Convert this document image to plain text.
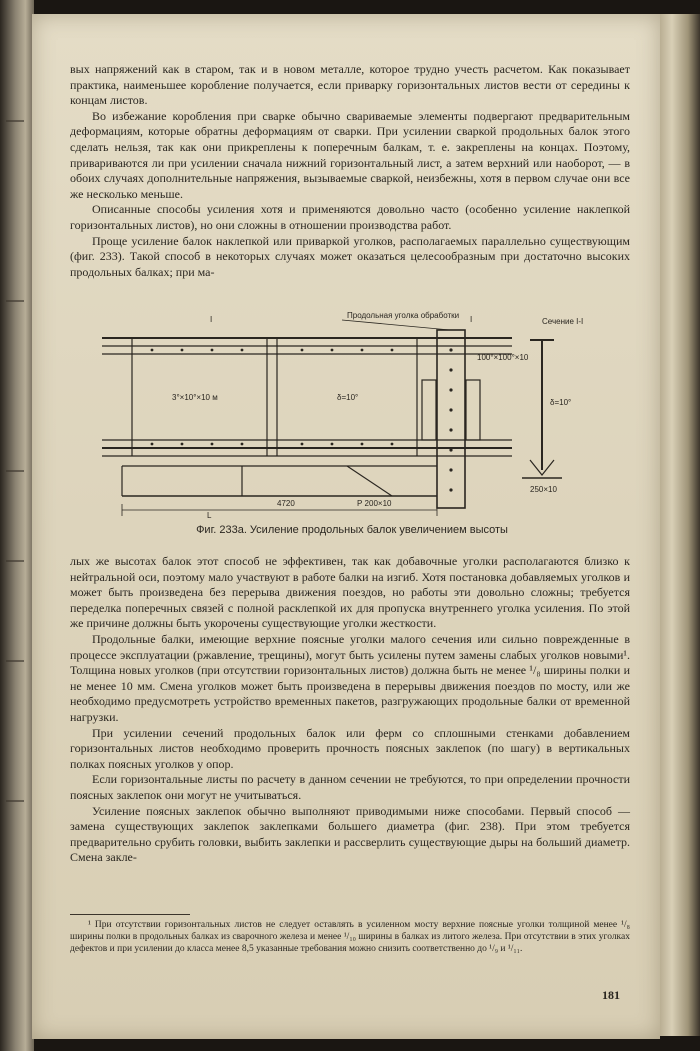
вых напряжений как в старом, так и в новом металле, которое трудно учесть расчетом. Как показывает практика, наименьшее коробление получается, если приварку горизонтальных листов вести от середины к концам листов.

Во избежание коробления при сварке обычно свариваемые элементы подвергают предварительным деформациям, которые обратны деформациям от сварки. При усилении сваркой продольных балок этого сделать нельзя, так как они прикреплены к поперечным балкам, т. е. закреплены на концах. Поэтому, привариваются ли при усилении сначала нижний горизонтальный лист, а затем верхний или наоборот, — в обоих случаях дополнительные напряжения, вызываемые сваркой, неизбежны, хотя в первом случае они все же несколько меньше.

Описанные способы усиления хотя и применяются довольно часто (особенно усиление наклепкой горизонтальных листов), но они сложны в отношении производства работ.

Проще усиление балок наклепкой или приваркой уголков, располагаемых параллельно существующим (фиг. 233). Такой способ в некоторых случаях может оказаться целесообразным при достаточно высоких продольных балках; при ма-

Продольная уголка обработки
Сечение I-I
I	I
3°×10°×10 м	δ=10°
100°×100°×10
δ=10°
250×10
4720	Р 200×10
L
Фиг. 233а. Усиление продольных балок увеличением высоты

лых же высотах балок этот способ не эффективен, так как добавочные уголки располагаются близко к нейтральной оси, поэтому мало участвуют в работе балки на изгиб. Хотя постановка добавляемых уголков и может быть произведена без перерыва движения поездов, но работы эти довольно сложны; требуется переделка поперечных связей с полной расклепкой их для пропуска внутреннего уголка усиления. По этой же причине должны быть укорочены существующие уголки жесткости.

Продольные балки, имеющие верхние поясные уголки малого сечения или сильно поврежденные в процессе эксплуатации (ржавление, трещины), могут быть усилены путем замены слабых уголков новыми¹. Толщина новых уголков (при отсутствии горизонтальных листов) должна быть не менее ¹/₈ ширины полки и не менее 10 мм. Смена уголков может быть произведена в перерывы движения поездов по мосту, или же необходимо предусмотреть устройство временных пакетов, разгружающих продольные балки от временной нагрузки.

При усилении сечений продольных балок или ферм со сплошными стенками добавлением горизонтальных листов необходимо проверить прочность поясных заклепок (по шагу) в вертикальных полках поясных уголков у опор.

Если горизонтальные листы по расчету в данном сечении не требуются, то при определении прочности поясных заклепок они могут не учитываться.

Усиление поясных заклепок обычно выполняют приводимыми ниже способами. Первый способ — замена существующих заклепок заклепками большего диаметра (фиг. 238). При этом требуется предварительно срубить головки, выбить заклепки и рассверлить существующие дыры на больший диаметр. Смена закле-

¹ При отсутствии горизонтальных листов не следует оставлять в усиленном мосту верхние поясные уголки толщиной менее ¹/₈ ширины полки в продольных балках из сварочного железа и менее ¹/₁₀ ширины в балках из литого железа. При отсутствии в этих уголках дефектов и при усилении до класса менее 8,5 указанные требования можно снизить соответственно до ¹/₉ и ¹/₁₁.

181
